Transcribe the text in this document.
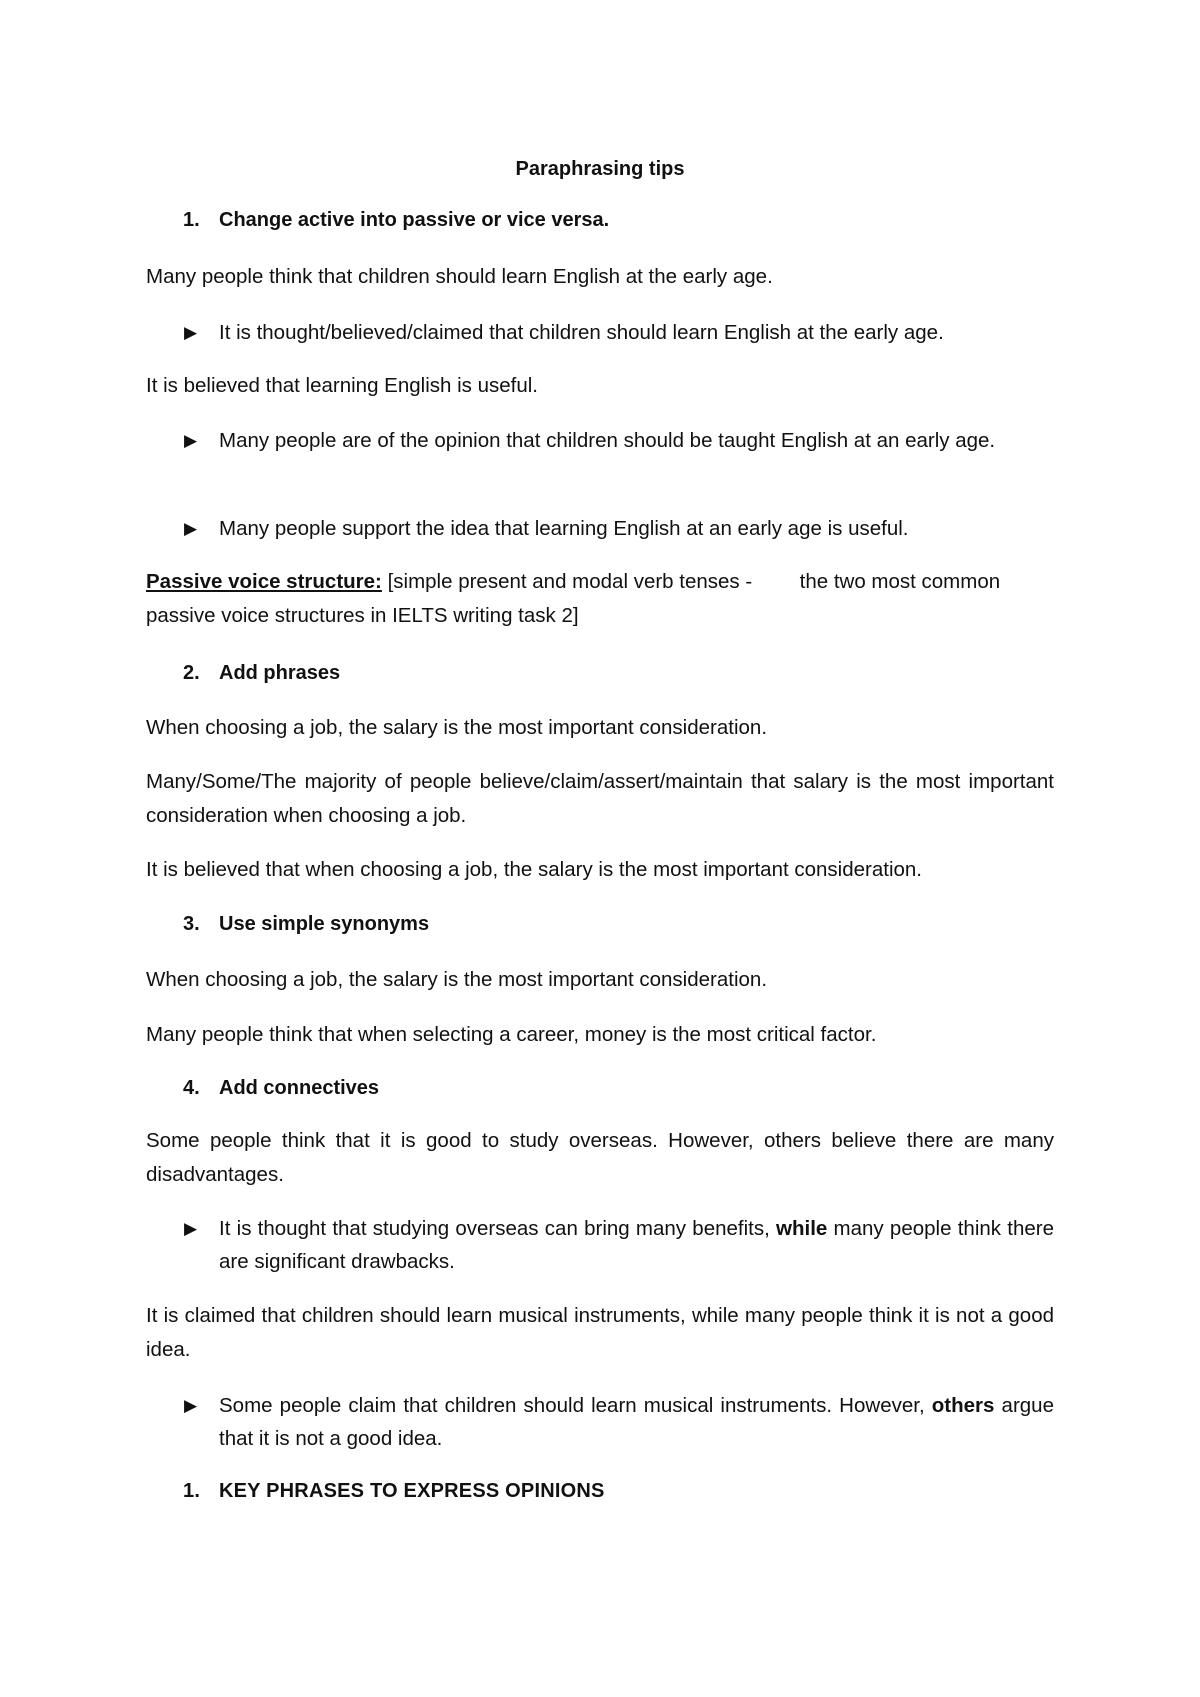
Paraphrasing tips
1. Change active into passive or vice versa.

Many people think that children should learn English at the early age.

▶ It is thought/believed/claimed that children should learn English at the early age.

It is believed that learning English is useful.

▶ Many people are of the opinion that children should be taught English at an early age.
▶ Many people support the idea that learning English at an early age is useful.

Passive voice structure: [simple present and modal verb tenses - the two most common passive voice structures in IELTS writing task 2]

2. Add phrases

When choosing a job, the salary is the most important consideration.

Many/Some/The majority of people believe/claim/assert/maintain that salary is the most important consideration when choosing a job.

It is believed that when choosing a job, the salary is the most important consideration.

3. Use simple synonyms

When choosing a job, the salary is the most important consideration.

Many people think that when selecting a career, money is the most critical factor.

4. Add connectives

Some people think that it is good to study overseas. However, others believe there are many disadvantages.

▶ It is thought that studying overseas can bring many benefits, while many people think there are significant drawbacks.

It is claimed that children should learn musical instruments, while many people think it is not a good idea.

▶ Some people claim that children should learn musical instruments. However, others argue that it is not a good idea.
1. KEY PHRASES TO EXPRESS OPINIONS
